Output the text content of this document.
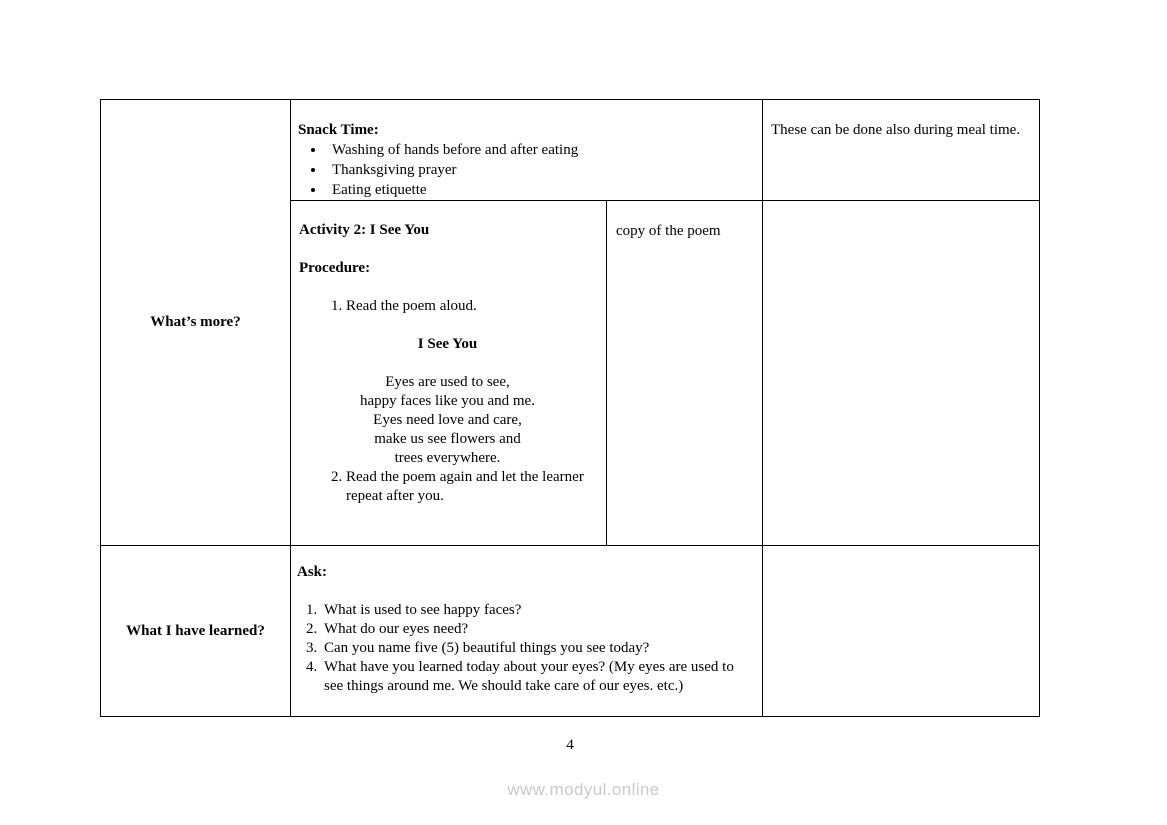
What’s more?
Snack Time:
• Washing of hands before and after eating
• Thanksgiving prayer
• Eating etiquette
These can be done also during meal time.
Activity 2: I See You
Procedure:
1. Read the poem aloud.
I See You
Eyes are used to see,
happy faces like you and me.
Eyes need love and care,
make us see flowers and
trees everywhere.
2. Read the poem again and let the learner repeat after you.
copy of the poem
What I have learned?
Ask:
1. What is used to see happy faces?
2. What do our eyes need?
3. Can you name five (5) beautiful things you see today?
4. What have you learned today about your eyes? (My eyes are used to see things around me. We should take care of our eyes. etc.)
4
www.modyul.online
